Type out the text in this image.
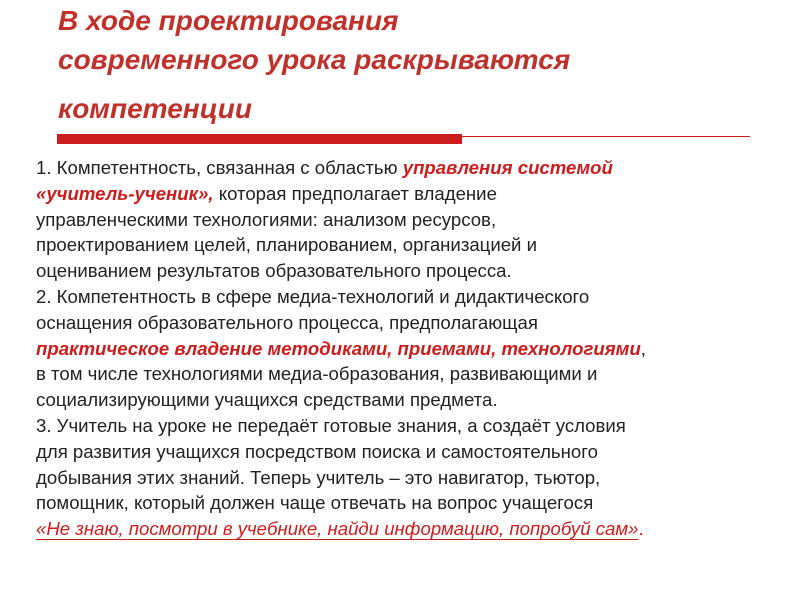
В ходе проектирования
современного урока раскрываются
компетенции
1. Компетентность, связанная с областью управления системой
«учитель-ученик», которая предполагает владение
управленческими технологиями: анализом ресурсов,
проектированием целей, планированием, организацией и
оцениванием результатов образовательного процесса.
2. Компетентность в сфере медиа-технологий и дидактического
оснащения образовательного процесса, предполагающая
практическое владение методиками, приемами, технологиями,
в том числе технологиями медиа-образования, развивающими и
социализирующими учащихся средствами предмета.
3. Учитель на уроке не передаёт готовые знания, а создаёт условия
для развития учащихся посредством поиска и самостоятельного
добывания этих знаний. Теперь учитель – это навигатор, тьютор,
помощник, который должен чаще отвечать на вопрос учащегося
«Не знаю, посмотри в учебнике, найди информацию, попробуй сам».
